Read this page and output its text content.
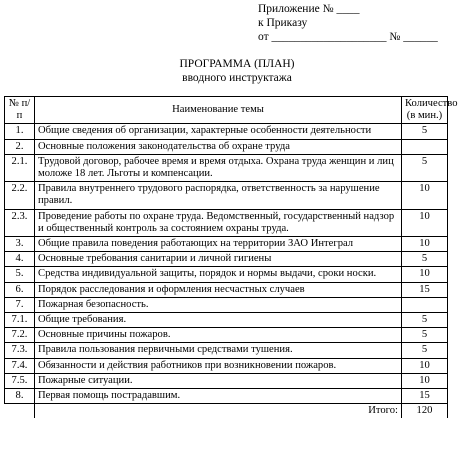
Приложение № ____
к Приказу
от ____________________ № ______
ПРОГРАММА (ПЛАН)
вводного инструктажа
№ п/п	Наименование темы	Количество (в мин.)
1.	Общие сведения об организации, характерные особенности деятельности	5
2.	Основные положения законодательства об охране труда	
2.1.	Трудовой договор, рабочее время и время отдыха. Охрана труда женщин и лиц моложе 18 лет. Льготы и компенсации.	5
2.2.	Правила внутреннего трудового распорядка, ответственность за нарушение правил.	10
2.3.	Проведение работы по охране труда. Ведомственный, государственный надзор и общественный контроль за состоянием охраны труда.	10
3.	Общие правила поведения работающих на территории ЗАО Интеграл	10
4.	Основные требования санитарии и личной гигиены	5
5.	Средства индивидуальной защиты, порядок и нормы выдачи, сроки носки.	10
6.	Порядок расследования и оформления несчастных случаев	15
7.	Пожарная безопасность.	
7.1.	Общие требования.	5
7.2.	Основные причины пожаров.	5
7.3.	Правила пользования первичными средствами тушения.	5
7.4.	Обязанности и действия работников при возникновении пожаров.	10
7.5.	Пожарные ситуации.	10
8.	Первая помощь пострадавшим.	15
	Итого:	120
